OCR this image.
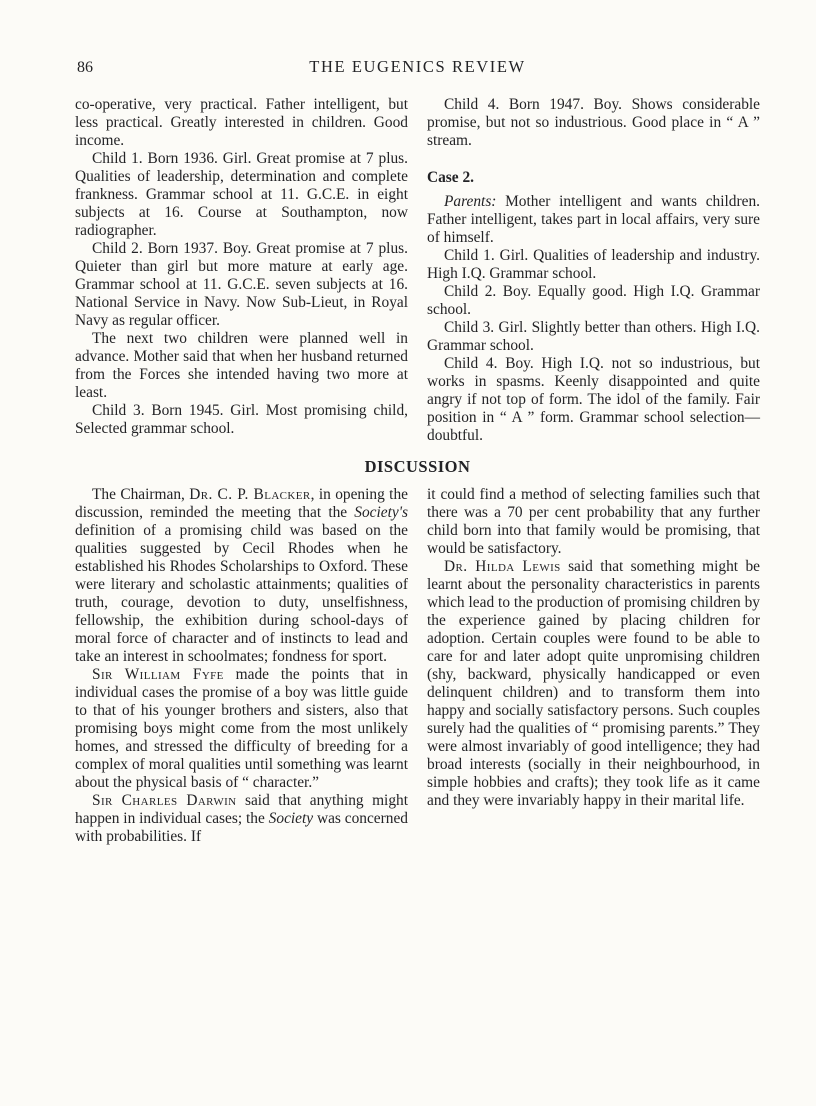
86	THE EUGENICS REVIEW

co-operative, very practical. Father intelligent, but less practical. Greatly interested in children. Good income.

Child 1. Born 1936. Girl. Great promise at 7 plus. Qualities of leadership, determination and complete frankness. Grammar school at 11. G.C.E. in eight subjects at 16. Course at Southampton, now radiographer.

Child 2. Born 1937. Boy. Great promise at 7 plus. Quieter than girl but more mature at early age. Grammar school at 11. G.C.E. seven subjects at 16. National Service in Navy. Now Sub-Lieut, in Royal Navy as regular officer.

The next two children were planned well in advance. Mother said that when her husband returned from the Forces she intended having two more at least.

Child 3. Born 1945. Girl. Most promising child, Selected grammar school.

Child 4. Born 1947. Boy. Shows considerable promise, but not so industrious. Good place in “ A ” stream.

Case 2.

Parents: Mother intelligent and wants children. Father intelligent, takes part in local affairs, very sure of himself.

Child 1. Girl. Qualities of leadership and industry. High I.Q. Grammar school.

Child 2. Boy. Equally good. High I.Q. Grammar school.

Child 3. Girl. Slightly better than others. High I.Q. Grammar school.

Child 4. Boy. High I.Q. not so industrious, but works in spasms. Keenly disappointed and quite angry if not top of form. The idol of the family. Fair position in “ A ” form. Grammar school selection—doubtful.

DISCUSSION

The Chairman, Dr. C. P. Blacker, in opening the discussion, reminded the meeting that the Society's definition of a promising child was based on the qualities suggested by Cecil Rhodes when he established his Rhodes Scholarships to Oxford. These were literary and scholastic attainments; qualities of truth, courage, devotion to duty, unselfishness, fellowship, the exhibition during school-days of moral force of character and of instincts to lead and take an interest in schoolmates; fondness for sport.

Sir William Fyfe made the points that in individual cases the promise of a boy was little guide to that of his younger brothers and sisters, also that promising boys might come from the most unlikely homes, and stressed the difficulty of breeding for a complex of moral qualities until something was learnt about the physical basis of “ character.”

Sir Charles Darwin said that anything might happen in individual cases; the Society was concerned with probabilities. If

it could find a method of selecting families such that there was a 70 per cent probability that any further child born into that family would be promising, that would be satisfactory.

Dr. Hilda Lewis said that something might be learnt about the personality characteristics in parents which lead to the production of promising children by the experience gained by placing children for adoption. Certain couples were found to be able to care for and later adopt quite unpromising children (shy, backward, physically handicapped or even delinquent children) and to transform them into happy and socially satisfactory persons. Such couples surely had the qualities of “ promising parents.” They were almost invariably of good intelligence; they had broad interests (socially in their neighbourhood, in simple hobbies and crafts); they took life as it came and they were invariably happy in their marital life.
